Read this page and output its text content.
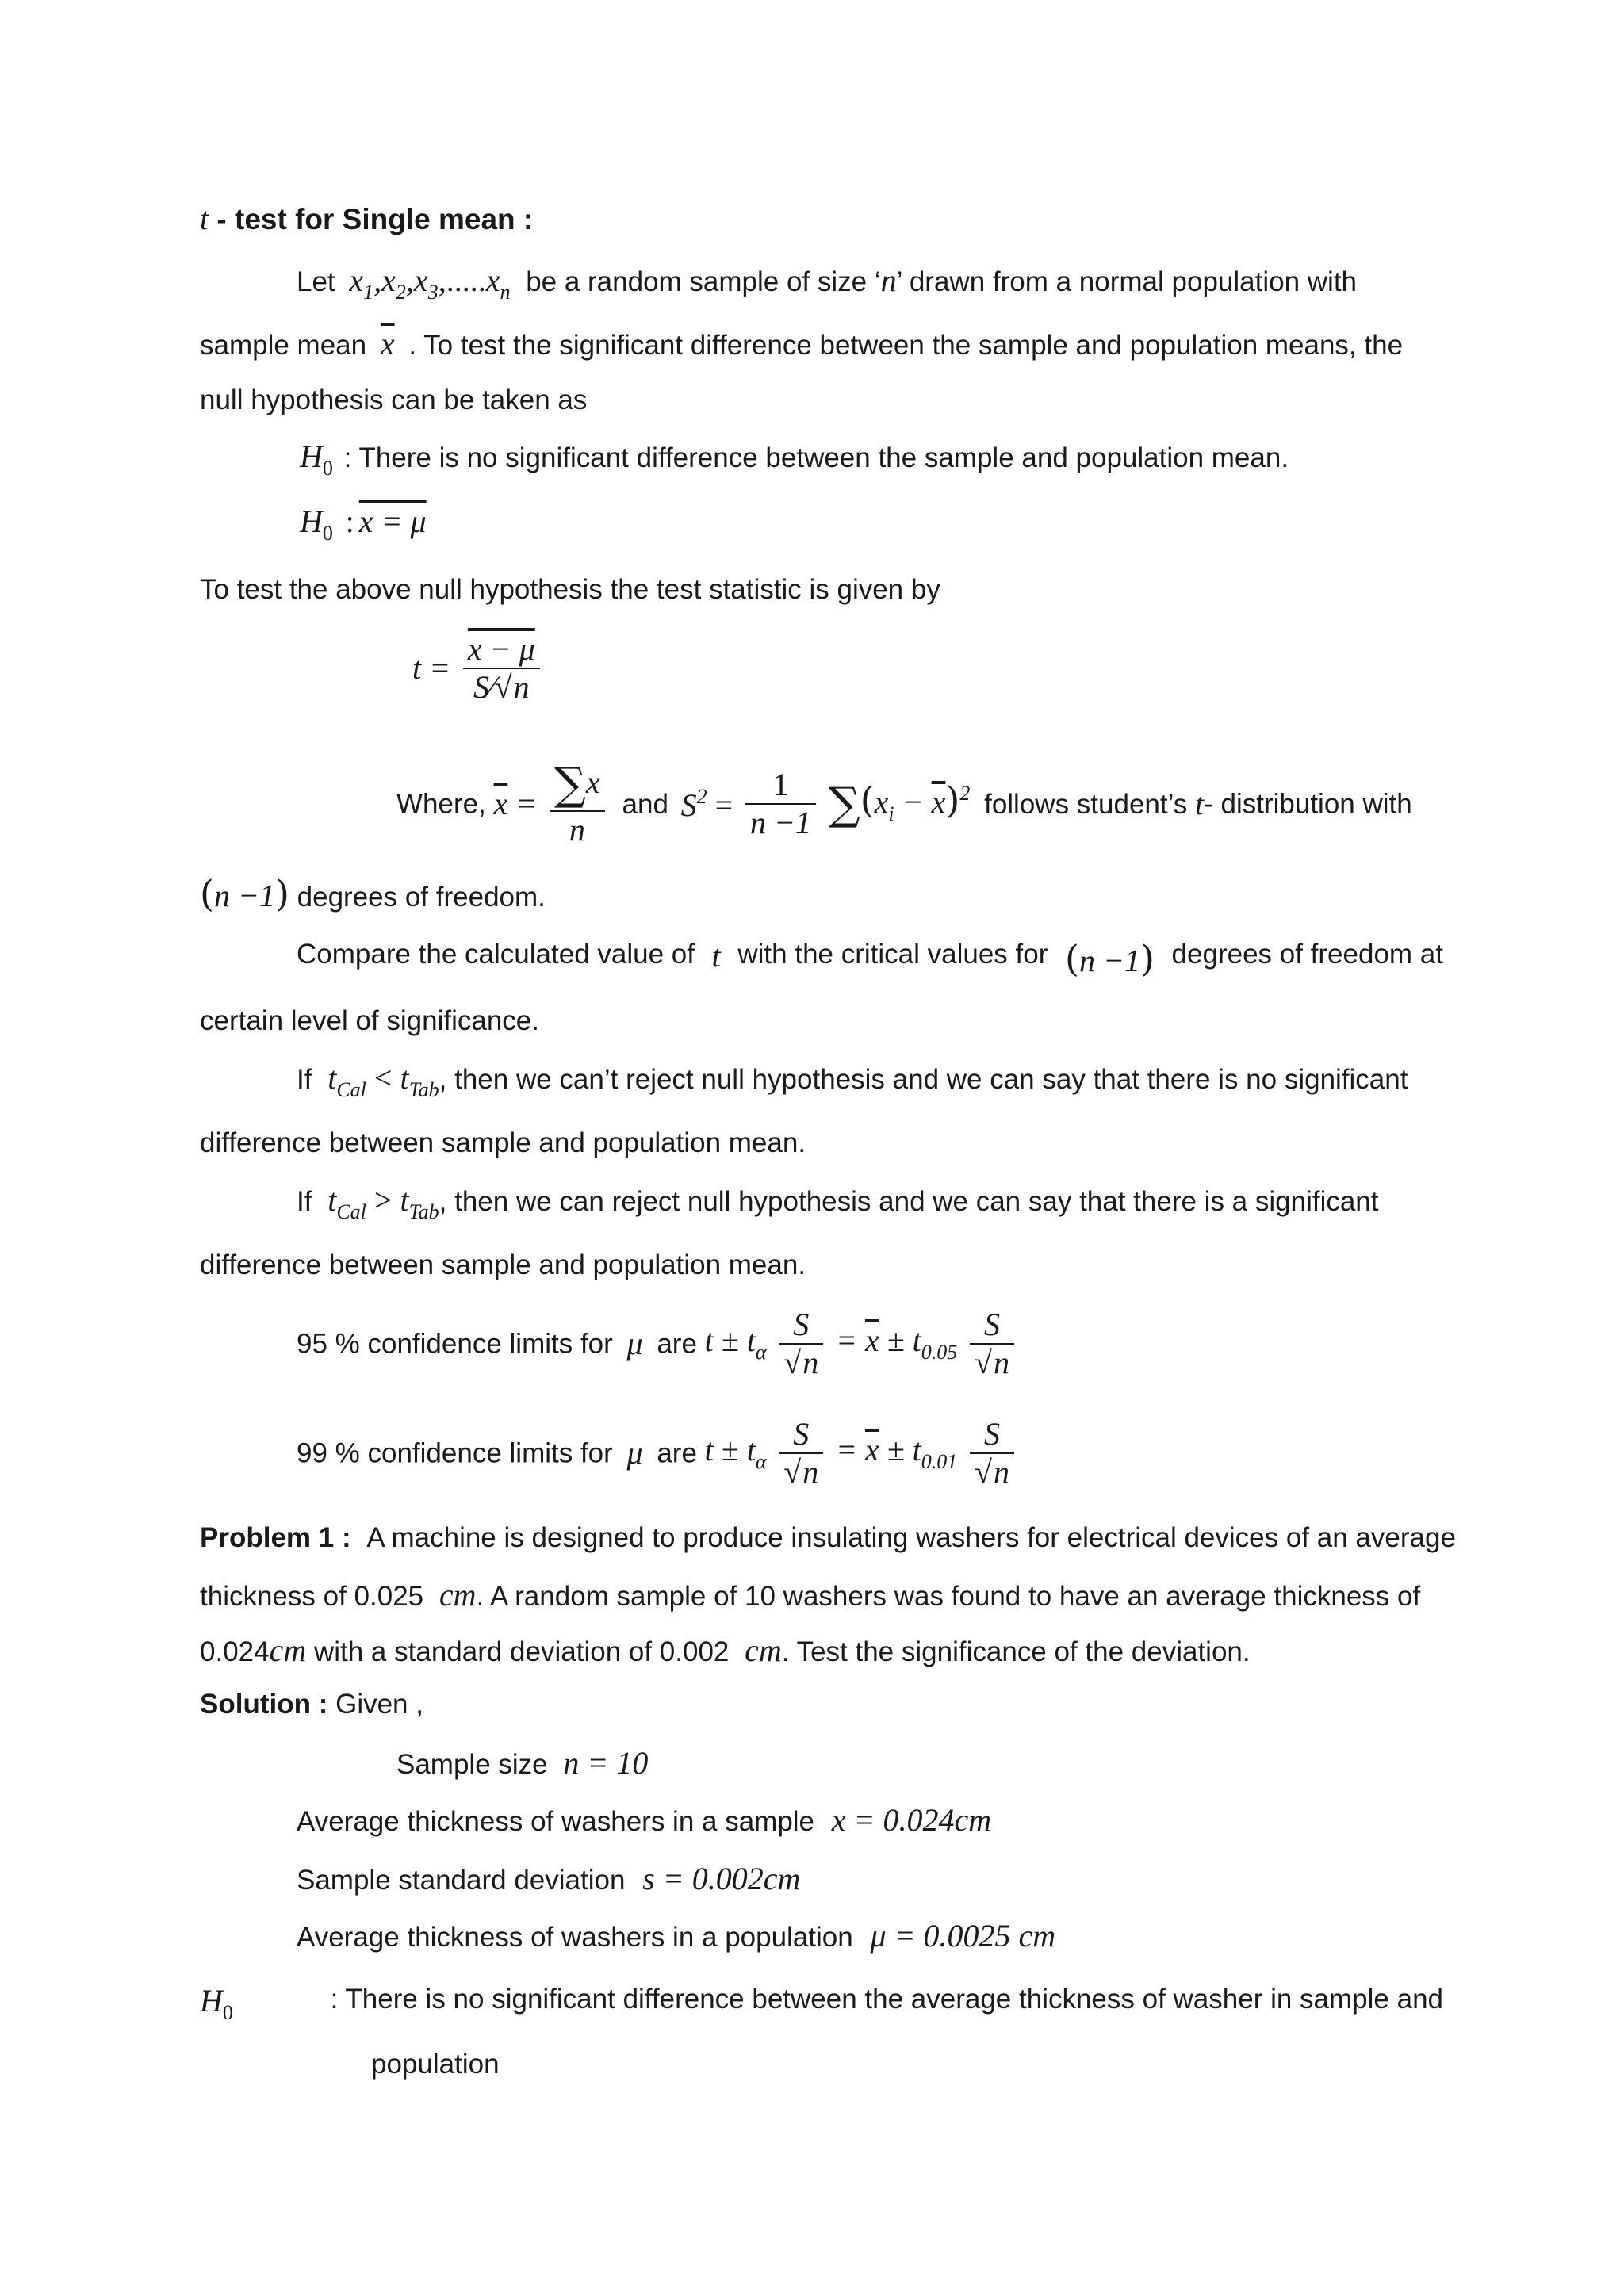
t - test for Single mean :
Let $x_1,x_2,x_3,.....x_n$ be a random sample of size ‘n’ drawn from a normal population with
sample mean $\overline{x}$ . To test the significant difference between the sample and population means, the
null hypothesis can be taken as
$H_0$ : There is no significant difference between the sample and population mean.
$H_0$ : x = μ
To test the above null hypothesis the test statistic is given by
$t = \frac{x - \mu}{S⁄√n}$
Where, $\overline{x} = \frac{\sum x}{n}$ and $S^2 = \frac{1}{n -1} \sum(x_i - \overline{x})^2$ follows student’s t- distribution with
(n −1) degrees of freedom.
Compare the calculated value of t with the critical values for (n −1) degrees of freedom at
certain level of significance.
If $t_{Cal} < t_{Tab}$, then we can’t reject null hypothesis and we can say that there is no significant
difference between sample and population mean.
If $t_{Cal} > t_{Tab}$, then we can reject null hypothesis and we can say that there is a significant
difference between sample and population mean.
95 % confidence limits for μ are $t \pm t_\alpha \frac{S}{√n} = \overline{x} \pm t_{0.05} \frac{S}{√n}$
99 % confidence limits for μ are $t \pm t_\alpha \frac{S}{√n} = \overline{x} \pm t_{0.01} \frac{S}{√n}$
Problem 1 : A machine is designed to produce insulating washers for electrical devices of an average
thickness of 0.025 cm. A random sample of 10 washers was found to have an average thickness of
0.024cm with a standard deviation of 0.002 cm. Test the significance of the deviation.
Solution : Given ,
Sample size n = 10
Average thickness of washers in a sample x = 0.024cm
Sample standard deviation s = 0.002cm
Average thickness of washers in a population μ = 0.0025 cm
$H_0$	: There is no significant difference between the average thickness of washer in sample and
population
